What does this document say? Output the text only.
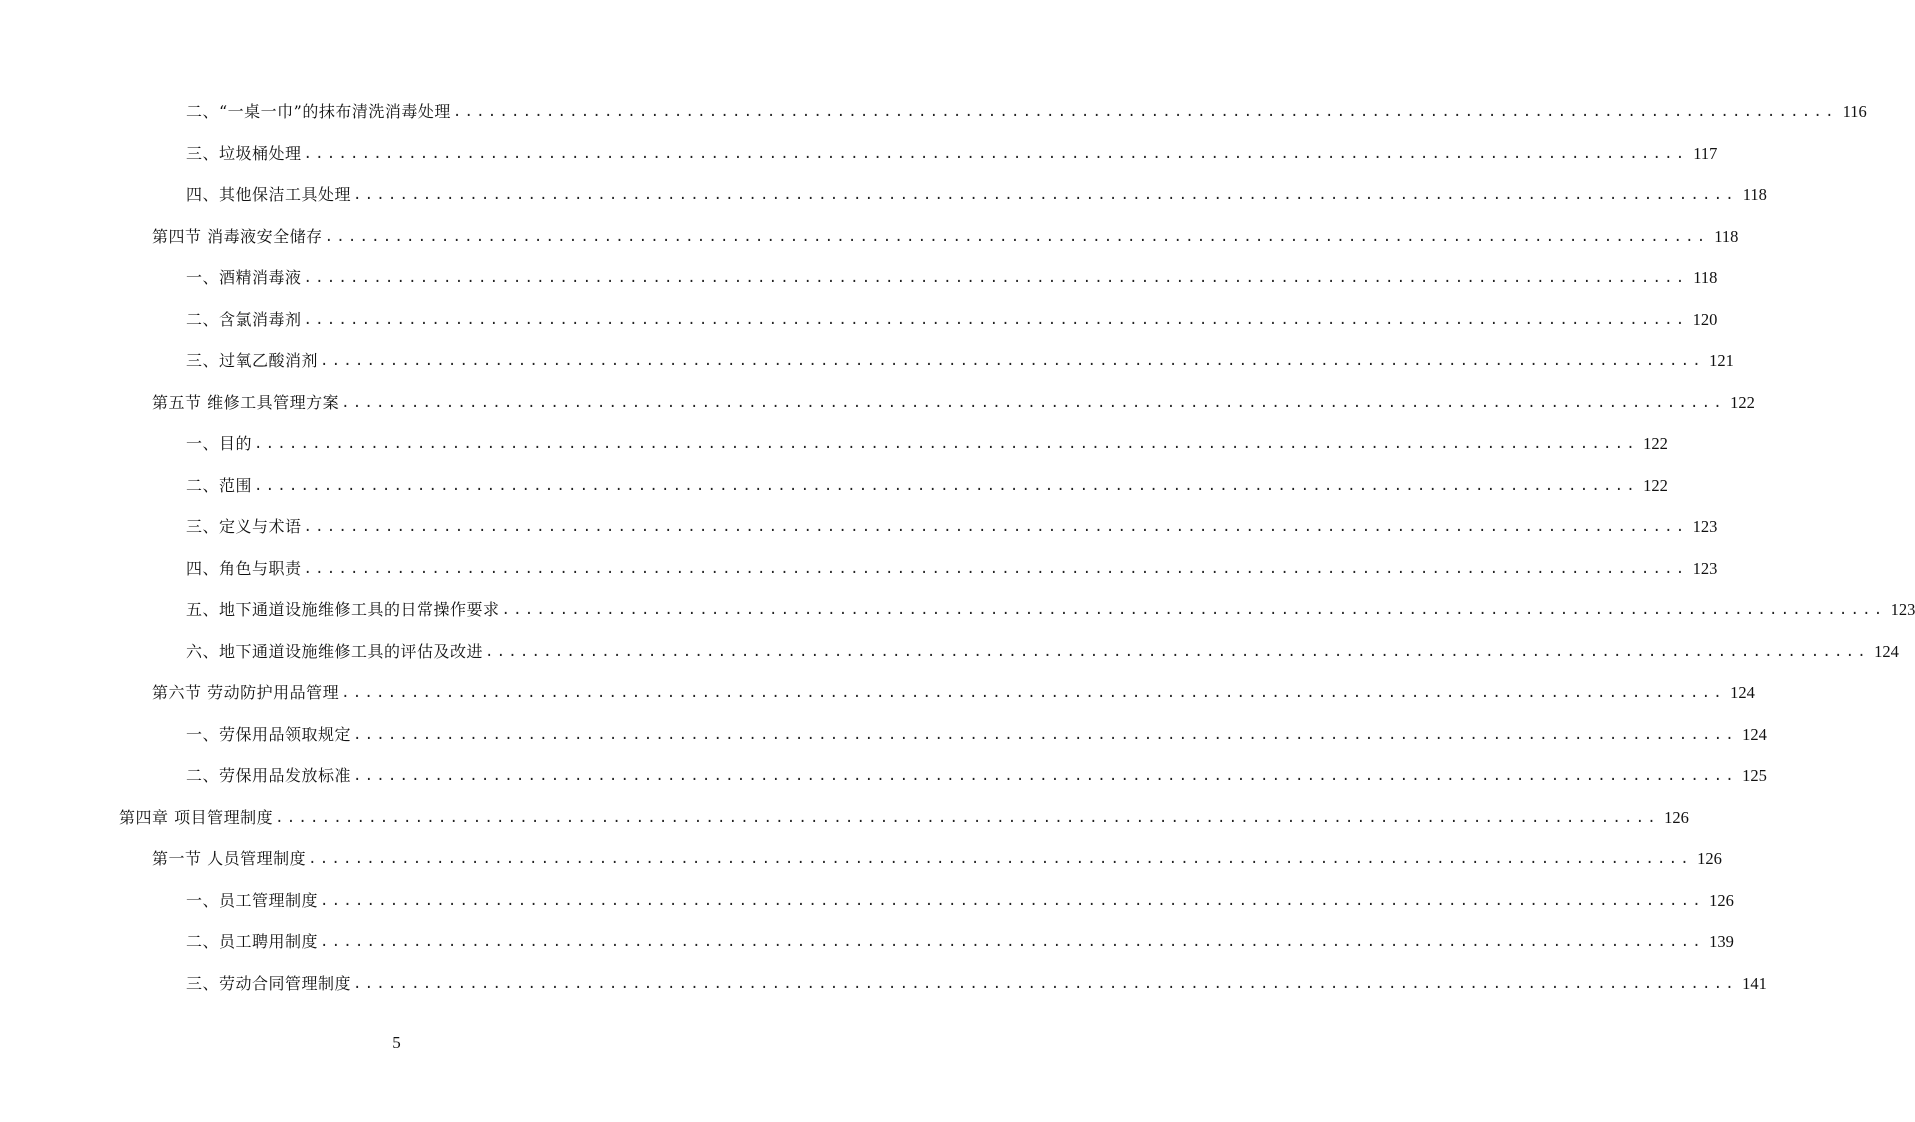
二、“一桌一巾”的抹布清洗消毒处理 ....................................................................................................................... 116
三、垃圾桶处理 ....................................................................................................................... 117
四、其他保洁工具处理 ....................................................................................................................... 118
第四节 消毒液安全储存 ....................................................................................................................... 118
一、酒精消毒液 ....................................................................................................................... 118
二、含氯消毒剂 ....................................................................................................................... 120
三、过氧乙酸消剂 ....................................................................................................................... 121
第五节 维修工具管理方案 ....................................................................................................................... 122
一、目的 ....................................................................................................................... 122
二、范围 ....................................................................................................................... 122
三、定义与术语 ....................................................................................................................... 123
四、角色与职责 ....................................................................................................................... 123
五、地下通道设施维修工具的日常操作要求 ....................................................................................................................... 123
六、地下通道设施维修工具的评估及改进 ....................................................................................................................... 124
第六节 劳动防护用品管理 ....................................................................................................................... 124
一、劳保用品领取规定 ....................................................................................................................... 124
二、劳保用品发放标准 ....................................................................................................................... 125
第四章 项目管理制度 ....................................................................................................................... 126
第一节 人员管理制度 ....................................................................................................................... 126
一、员工管理制度 ....................................................................................................................... 126
二、员工聘用制度 ....................................................................................................................... 139
三、劳动合同管理制度 ....................................................................................................................... 141
5
